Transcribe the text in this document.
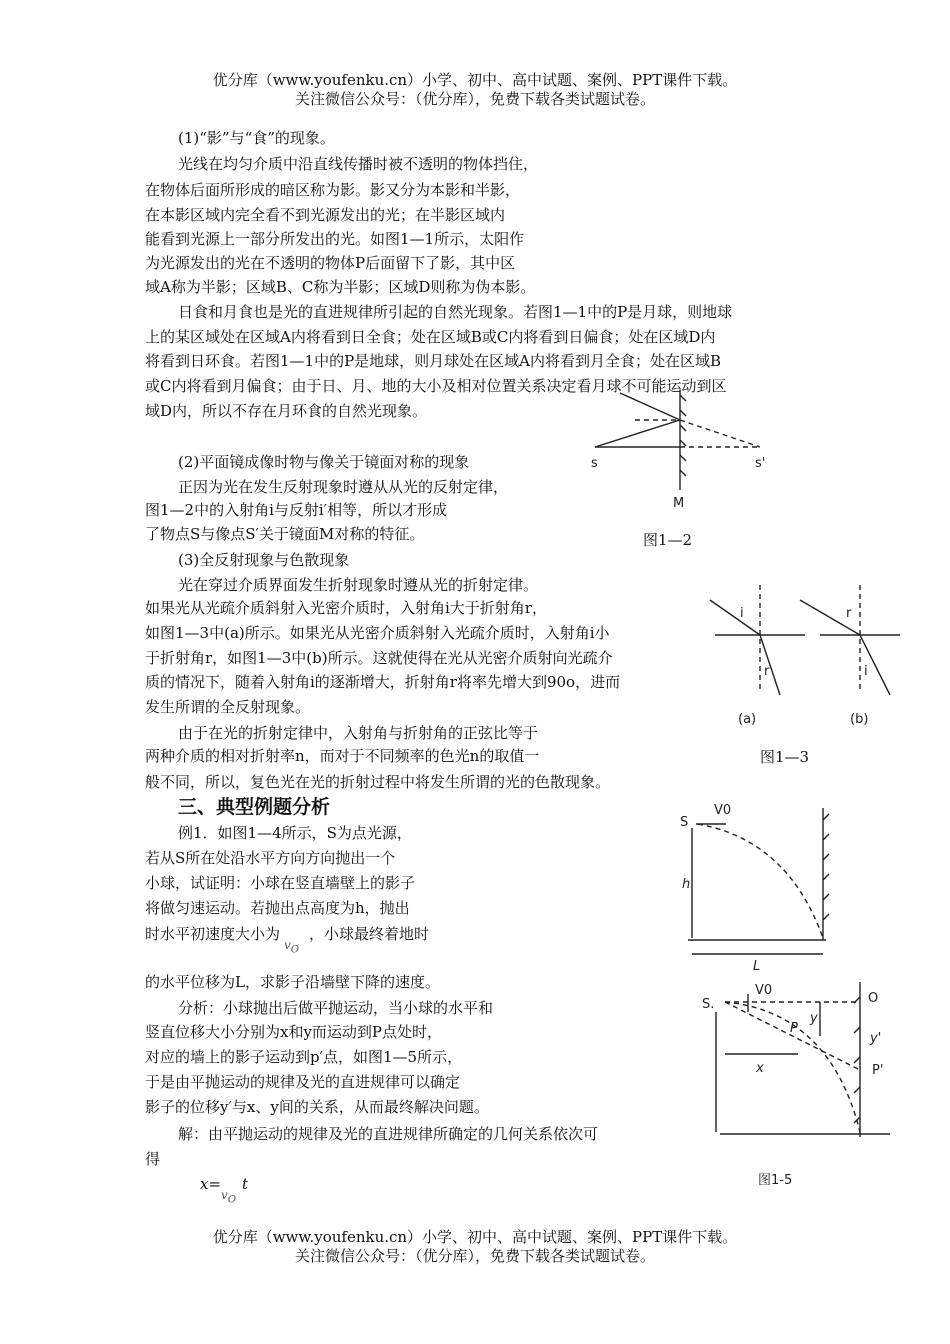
优分库（www.youfenku.cn）小学、初中、高中试题、案例、PPT课件下载。
关注微信公众号：（优分库），免费下载各类试题试卷。
(1)“影”与“食”的现象。
光线在均匀介质中沿直线传播时被不透明的物体挡住，
在物体后面所形成的暗区称为影。影又分为本影和半影，
在本影区域内完全看不到光源发出的光；在半影区域内
能看到光源上一部分所发出的光。如图1—1所示，太阳作
为光源发出的光在不透明的物体P后面留下了影，其中区
域A称为半影；区域B、C称为半影；区域D则称为伪本影。
日食和月食也是光的直进规律所引起的自然光现象。若图1—1中的P是月球，则地球
上的某区域处在区域A内将看到日全食；处在区域B或C内将看到日偏食；处在区域D内
将看到日环食。若图1—1中的P是地球，则月球处在区域A内将看到月全食；处在区域B
或C内将看到月偏食；由于日、月、地的大小及相对位置关系决定看月球不可能运动到区
域D内，所以不存在月环食的自然光现象。
s	s'
M
(2)平面镜成像时物与像关于镜面对称的现象
正因为光在发生反射现象时遵从从光的反射定律，
图1—2中的入射角i与反射i′相等，所以才形成
了物点S与像点S′关于镜面M对称的特征。	图1—2
(3)全反射现象与色散现象
光在穿过介质界面发生折射现象时遵从光的折射定律。
如果光从光疏介质斜射入光密介质时，入射角i大于折射角r，
如图1—3中(a)所示。如果光从光密介质斜射入光疏介质时，入射角i小
于折射角r，如图1—3中(b)所示。这就使得在光从光密介质射向光疏介
质的情况下，随着入射角i的逐渐增大，折射角r将率先增大到90o，进而
发生所谓的全反射现象。
由于在光的折射定律中，入射角与折射角的正弦比等于
两种介质的相对折射率n，而对于不同频率的色光n的取值一
般不同，所以，复色光在光的折射过程中将发生所谓的光的色散现象。
i
r
r
i
(a)	(b)
图1—3
三、典型例题分析
例1．如图1—4所示，S为点光源，
若从S所在处沿水平方向方向抛出一个
小球，试证明：小球在竖直墙壁上的影子
将做匀速运动。若抛出点高度为h，抛出
时水平初速度大小为$_{v_O}$，小球最终着地时
的水平位移为L，求影子沿墙壁下降的速度。
S
V0
h
L
分析：小球抛出后做平抛运动，当小球的水平和
竖直位移大小分别为x和y而运动到P点处时，
对应的墙上的影子运动到p′点，如图1—5所示，
于是由平抛运动的规律及光的直进规律可以确定
影子的位移y′与x、y间的关系，从而最终解决问题。
解：由平抛运动的规律及光的直进规律所确定的几何关系依次可
得
$x=_{v_O}t$
S.
V0
P
y
x
O
y'
P'
图1-5
优分库（www.youfenku.cn）小学、初中、高中试题、案例、PPT课件下载。
关注微信公众号：（优分库），免费下载各类试题试卷。
